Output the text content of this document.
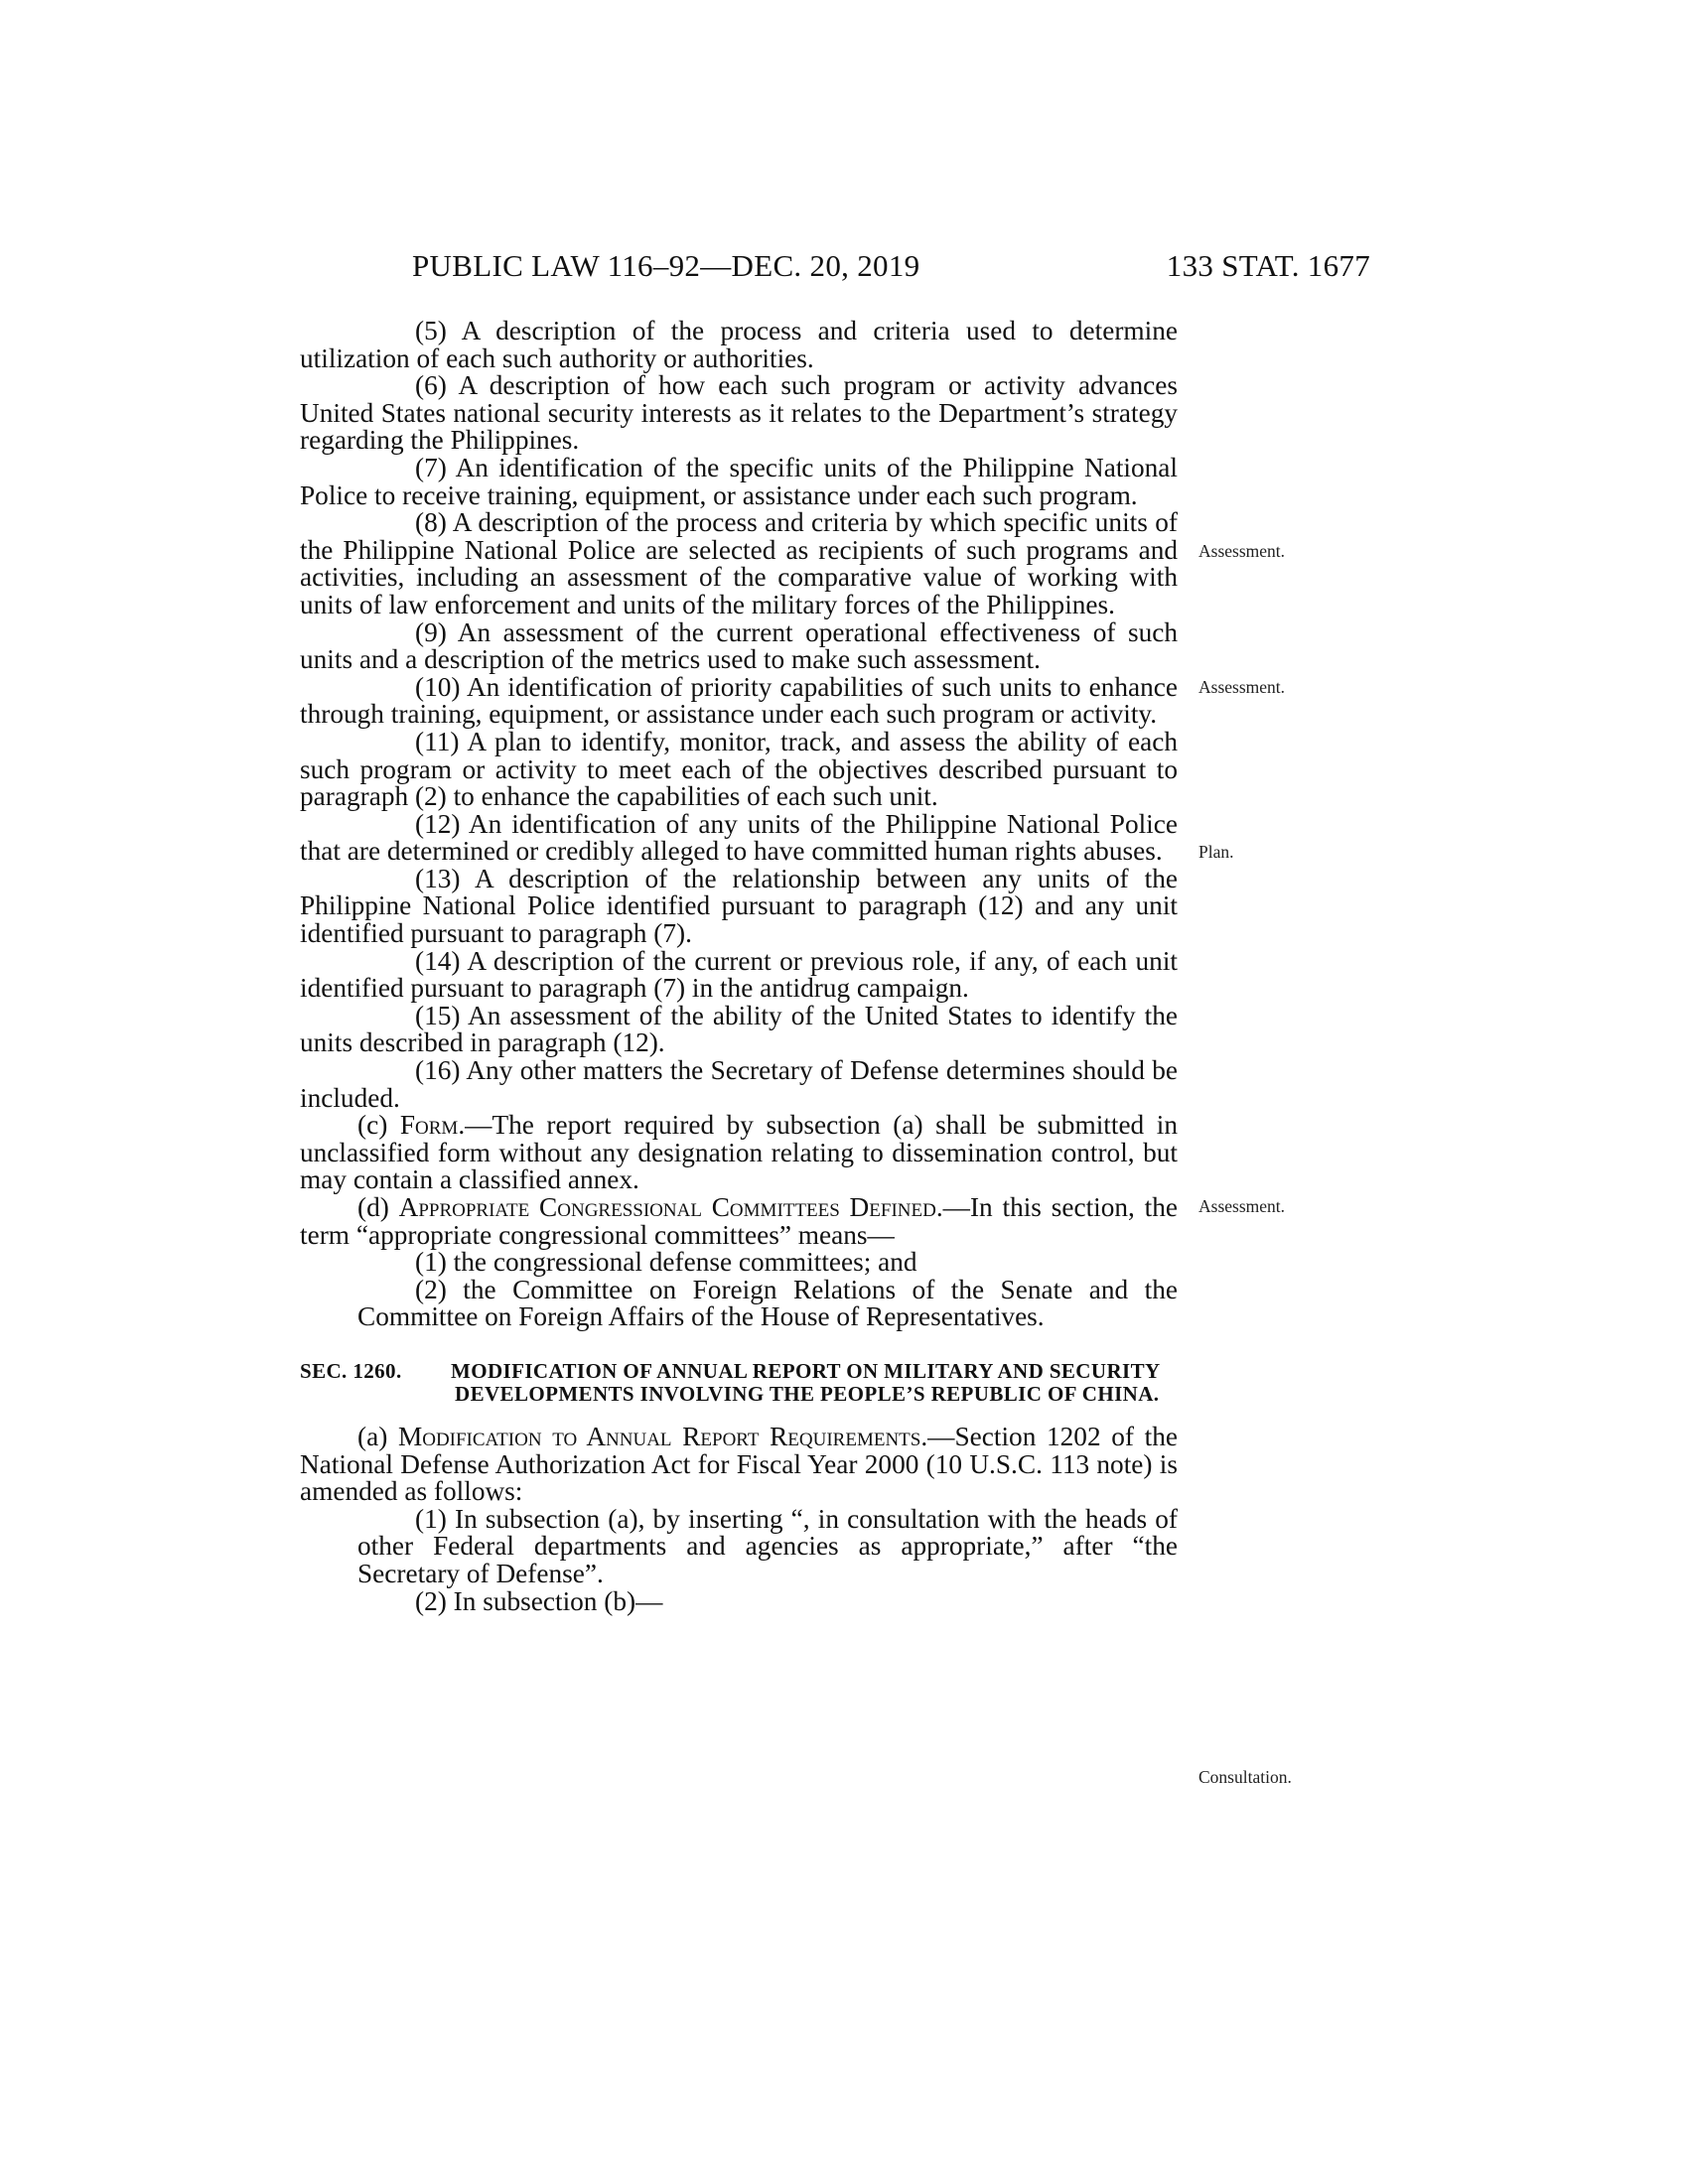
PUBLIC LAW 116–92—DEC. 20, 2019	133 STAT. 1677

(5) A description of the process and criteria used to determine utilization of each such authority or authorities.

(6) A description of how each such program or activity advances United States national security interests as it relates to the Department’s strategy regarding the Philippines.

(7) An identification of the specific units of the Philippine National Police to receive training, equipment, or assistance under each such program.

(8) A description of the process and criteria by which specific units of the Philippine National Police are selected as recipients of such programs and activities, including an assessment of the comparative value of working with units of law enforcement and units of the military forces of the Philippines.

(9) An assessment of the current operational effectiveness of such units and a description of the metrics used to make such assessment.

(10) An identification of priority capabilities of such units to enhance through training, equipment, or assistance under each such program or activity.

(11) A plan to identify, monitor, track, and assess the ability of each such program or activity to meet each of the objectives described pursuant to paragraph (2) to enhance the capabilities of each such unit.

(12) An identification of any units of the Philippine National Police that are determined or credibly alleged to have committed human rights abuses.

(13) A description of the relationship between any units of the Philippine National Police identified pursuant to paragraph (12) and any unit identified pursuant to paragraph (7).

(14) A description of the current or previous role, if any, of each unit identified pursuant to paragraph (7) in the antidrug campaign.

(15) An assessment of the ability of the United States to identify the units described in paragraph (12).

(16) Any other matters the Secretary of Defense determines should be included.

(c) Form.—The report required by subsection (a) shall be submitted in unclassified form without any designation relating to dissemination control, but may contain a classified annex.

(d) Appropriate Congressional Committees Defined.—In this section, the term “appropriate congressional committees” means—

(1) the congressional defense committees; and

(2) the Committee on Foreign Relations of the Senate and the Committee on Foreign Affairs of the House of Representatives.

SEC. 1260. MODIFICATION OF ANNUAL REPORT ON MILITARY AND SECURITY DEVELOPMENTS INVOLVING THE PEOPLE’S REPUBLIC OF CHINA.

(a) Modification to Annual Report Requirements.—Section 1202 of the National Defense Authorization Act for Fiscal Year 2000 (10 U.S.C. 113 note) is amended as follows:

(1) In subsection (a), by inserting “, in consultation with the heads of other Federal departments and agencies as appropriate,” after “the Secretary of Defense”.

(2) In subsection (b)—

Assessment.
Assessment.
Plan.
Assessment.
Consultation.
